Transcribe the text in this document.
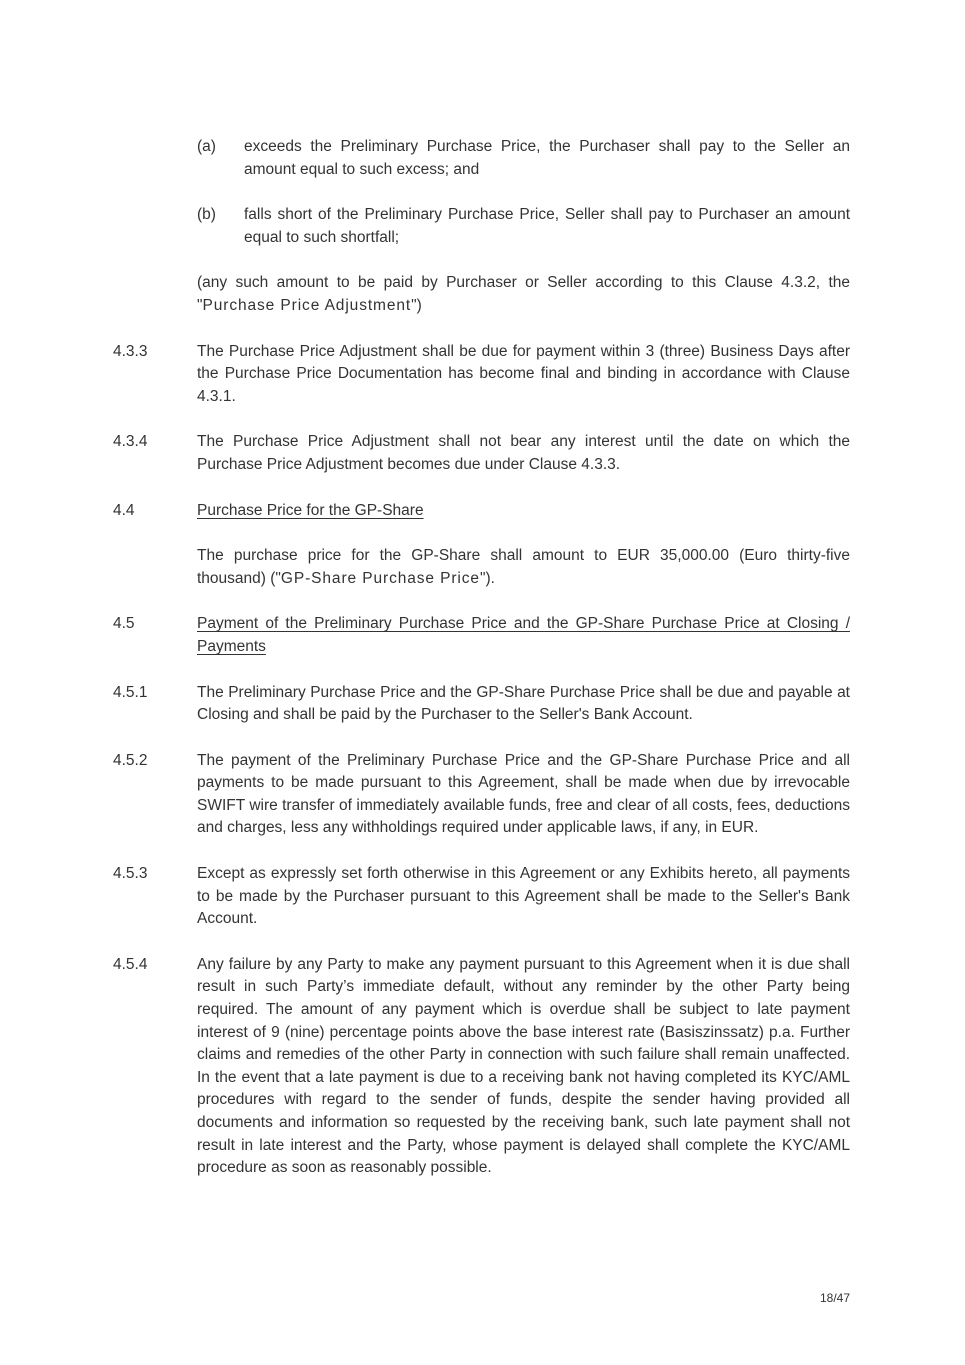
(a)	exceeds the Preliminary Purchase Price, the Purchaser shall pay to the Seller an amount equal to such excess; and

(b)	falls short of the Preliminary Purchase Price, Seller shall pay to Purchaser an amount equal to such shortfall;

(any such amount to be paid by Purchaser or Seller according to this Clause 4.3.2, the "Purchase Price Adjustment")

4.3.3	The Purchase Price Adjustment shall be due for payment within 3 (three) Business Days after the Purchase Price Documentation has become final and binding in accordance with Clause 4.3.1.

4.3.4	The Purchase Price Adjustment shall not bear any interest until the date on which the Purchase Price Adjustment becomes due under Clause 4.3.3.

4.4	Purchase Price for the GP-Share

The purchase price for the GP-Share shall amount to EUR 35,000.00 (Euro thirty-five thousand) ("GP-Share Purchase Price").

4.5	Payment of the Preliminary Purchase Price and the GP-Share Purchase Price at Closing / Payments

4.5.1	The Preliminary Purchase Price and the GP-Share Purchase Price shall be due and payable at Closing and shall be paid by the Purchaser to the Seller's Bank Account.

4.5.2	The payment of the Preliminary Purchase Price and the GP-Share Purchase Price and all payments to be made pursuant to this Agreement, shall be made when due by irrevocable SWIFT wire transfer of immediately available funds, free and clear of all costs, fees, deductions and charges, less any withholdings required under applicable laws, if any, in EUR.

4.5.3	Except as expressly set forth otherwise in this Agreement or any Exhibits hereto, all payments to be made by the Purchaser pursuant to this Agreement shall be made to the Seller's Bank Account.

4.5.4	Any failure by any Party to make any payment pursuant to this Agreement when it is due shall result in such Party’s immediate default, without any reminder by the other Party being required. The amount of any payment which is overdue shall be subject to late payment interest of 9 (nine) percentage points above the base interest rate (Basiszinssatz) p.a. Further claims and remedies of the other Party in connection with such failure shall remain unaffected. In the event that a late payment is due to a receiving bank not having completed its KYC/AML procedures with regard to the sender of funds, despite the sender having provided all documents and information so requested by the receiving bank, such late payment shall not result in late interest and the Party, whose payment is delayed shall complete the KYC/AML procedure as soon as reasonably possible.

18/47
